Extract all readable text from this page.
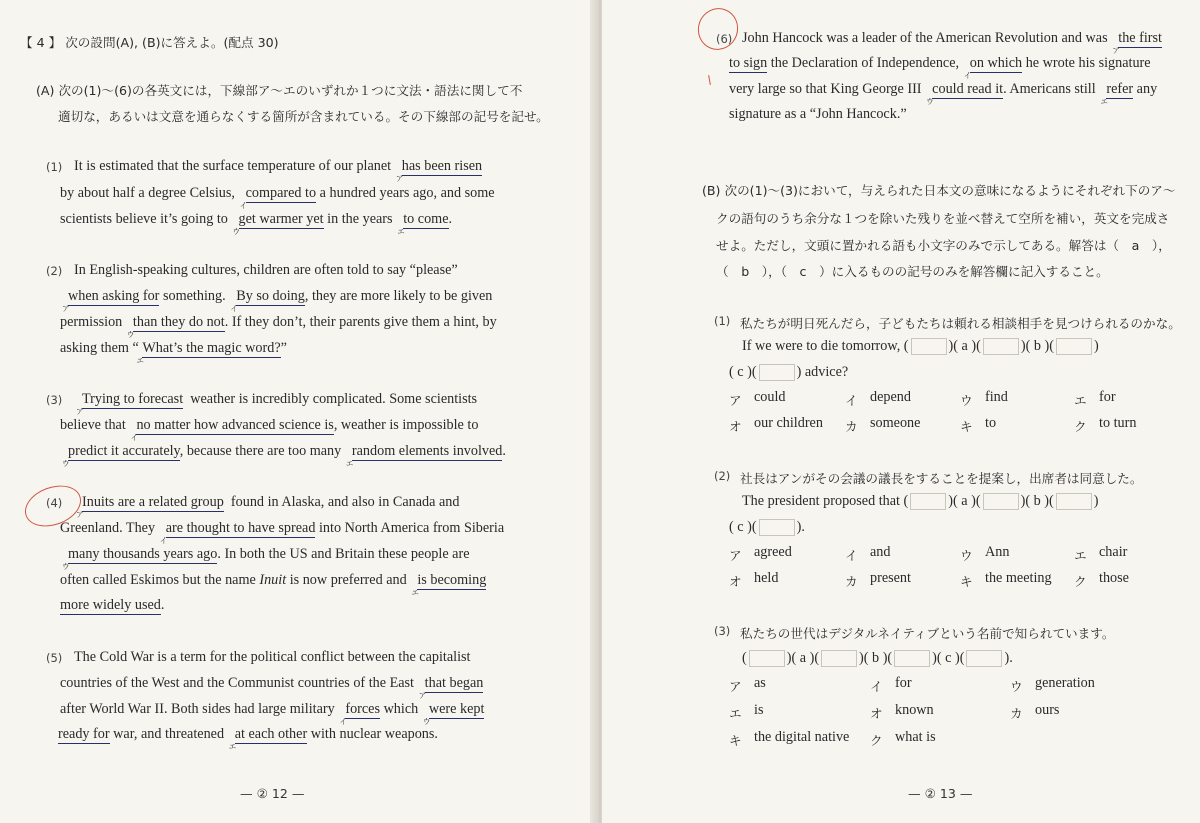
【 4 】 次の設問(A), (B)に答えよ。(配点 30)
(A) 次の(1)〜(6)の各英文には，下線部ア〜エのいずれか１つに文法・語法に関して不
適切な，あるいは文意を通らなくする箇所が含まれている。その下線部の記号を記せ。
(1) It is estimated that the surface temperature of our planet
ア
has been risen
by about half a degree Celsius,
イ
compared to a hundred years ago, and some
scientists believe it’s going to
ウ
get warmer yet in the years
エ
to come.
(2) In English-speaking cultures, children are often told to say “please”
ア
when asking for something.
イ
By so doing, they are more likely to be given
permission
ウ
than they do not. If they don’t, their parents give them a hint, by
asking them “
エ
What’s the magic word?”
(3)
ア
Trying to forecast weather is incredibly complicated. Some scientists
believe that
イ
no matter how advanced science is, weather is impossible to
ウ
predict it accurately, because there are too many
エ
random elements involved.
(4)
ア
Inuits are a related group found in Alaska, and also in Canada and
Greenland. They
イ
are thought to have spread into North America from Siberia
ウ
many thousands years ago. In both the US and Britain these people are
often called Eskimos but the name Inuit is now preferred and
エ
is becoming
more widely used.
(5) The Cold War is a term for the political conflict between the capitalist
countries of the West and the Communist countries of the East
ア
that began
after World War II. Both sides had large military
イ
forces which
ウ
were kept
ready for war, and threatened
エ
at each other with nuclear weapons.
— ② 12 —
(6) John Hancock was a leader of the American Revolution and was
ア
the first
to sign the Declaration of Independence,
イ
on which he wrote his signature
very large so that King George III
ウ
could read it. Americans still
エ
refer any
signature as a “John Hancock.”
(B) 次の(1)〜(3)において，与えられた日本文の意味になるようにそれぞれ下のア〜
クの語句のうち余分な１つを除いた残りを並べ替えて空所を補い，英文を完成さ
せよ。ただし，文頭に置かれる語も小文字のみで示してある。解答は（　a　），
（　b　），（　c　）に入るものの記号のみを解答欄に記入すること。
(1) 私たちが明日死んだら，子どもたちは頼れる相談相手を見つけられるのかな。
If we were to die tomorrow, (	)( a )(	)( b )(	)
( c )(	) advice?
ア could	イ depend	ウ find	エ for
オ our children カ someone	キ to	ク to turn
(2) 社長はアンがその会議の議長をすることを提案し，出席者は同意した。
The president proposed that (	)( a )(	)( b )(	)
( c )(	).
ア agreed	イ and	ウ Ann	エ chair
オ held	カ present	キ the meeting ク those
(3) 私たちの世代はデジタルネイティブという名前で知られています。
(	)( a )(	)( b )(	)( c )(	).
ア as	イ for	ウ generation
エ is	オ known	カ ours
キ the digital native ク what is
— ② 13 —
